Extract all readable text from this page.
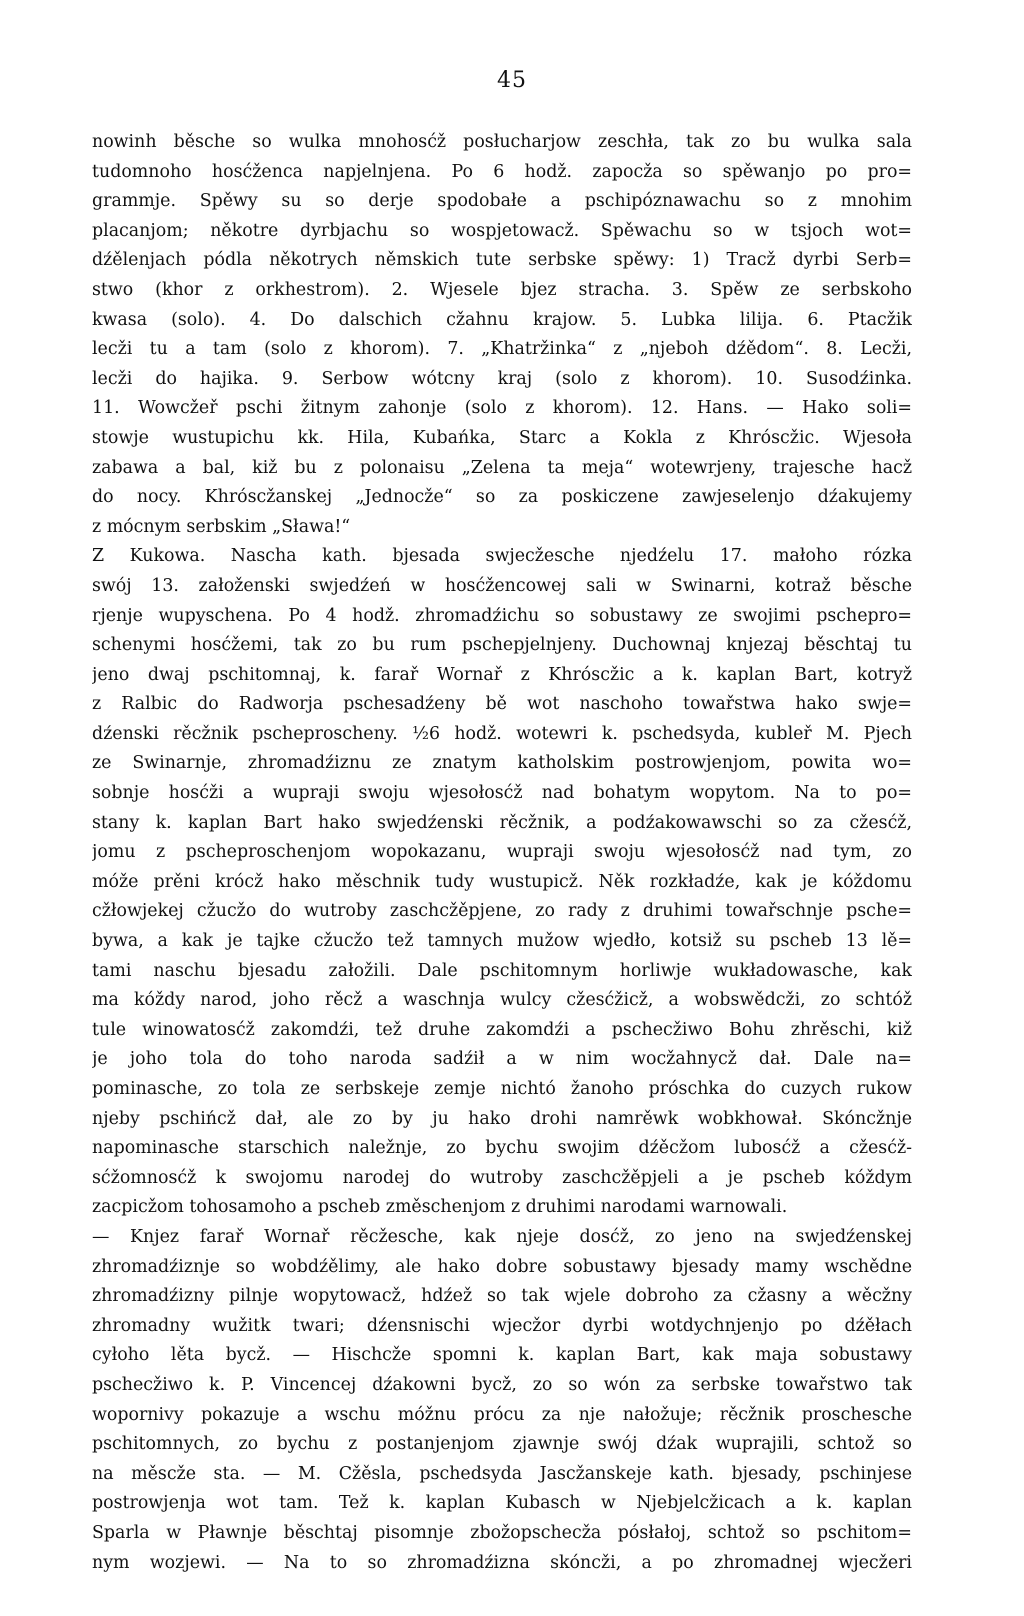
45
nowinh běsche so wulka mnohosćž posłucharjow zeschła, tak zo bu wulka sala
tudomnoho hosćženca napjelnjena. Po 6 hodž. zapocža so spěwanjo po pro=
grammje. Spěwy su so derje spodobałe a pschipóznawachu so z mnohim
placanjom; někotre dyrbjachu so wospjetowacž. Spěwachu so w tsjoch wot=
dźělenjach pódla někotrych němskich tute serbske spěwy: 1) Tracž dyrbi Serb=
stwo (khor z orkhestrom). 2. Wjesele bjez stracha. 3. Spěw ze serbskoho
kwasa (solo). 4. Do dalschich cžahnu krajow. 5. Lubka lilija. 6. Ptacžik
lecži tu a tam (solo z khorom). 7. „Khatržinka“ z „njeboh dźědom“. 8. Lecži,
lecži do hajika. 9. Serbow wótcny kraj (solo z khorom). 10. Susodźinka.
11. Wowcžeř pschi žitnym zahonje (solo z khorom). 12. Hans. — Hako soli=
stowje wustupichu kk. Hila, Kubańka, Starc a Kokla z Khróscžic. Wjesoła
zabawa a bal, kiž bu z polonaisu „Zelena ta meja“ wotewrjeny, trajesche hacž
do nocy. Khróscžanskej „Jednocže“ so za poskiczene zawjeselenjo dźakujemy
z mócnym serbskim „Sława!“
Z Kukowa. Nascha kath. bjesada swjecžesche njedźelu 17. małoho rózka
swój 13. załoženski swjedźeń w hosćžencowej sali w Swinarni, kotraž běsche
rjenje wupyschena. Po 4 hodž. zhromadźichu so sobustawy ze swojimi pschepro=
schenymi hosćžemi, tak zo bu rum pschepjelnjeny. Duchownaj knjezaj běschtaj tu
jeno dwaj pschitomnaj, k. farař Wornař z Khróscžic a k. kaplan Bart, kotryž
z Ralbic do Radworja pschesadźeny bě wot naschoho towařstwa hako swje=
dźenski rěcžnik pscheproscheny. ½6 hodž. wotewri k. pschedsyda, kubleř M. Pjech
ze Swinarnje, zhromadźiznu ze znatym katholskim postrowjenjom, powita wo=
sobnje hosćži a wupraji swoju wjesołosćž nad bohatym wopytom. Na to po=
stany k. kaplan Bart hako swjedźenski rěcžnik, a podźakowawschi so za cžesćž,
jomu z pscheproschenjom wopokazanu, wupraji swoju wjesołosćž nad tym, zo
móže prěni krócž hako měschnik tudy wustupicž. Něk rozkładźe, kak je kóždomu
cžłowjekej cžucžo do wutroby zaschcžěpjene, zo rady z druhimi towařschnje psche=
bywa, a kak je tajke cžucžo tež tamnych mužow wjedło, kotsiž su pscheb 13 lě=
tami naschu bjesadu załožili. Dale pschitomnym horliwje wukładowasche, kak
ma kóždy narod, joho rěcž a waschnja wulcy cžesćžicž, a wobswědcži, zo schtóž
tule winowatosćž zakomdźi, tež druhe zakomdźi a pschecžiwo Bohu zhrěschi, kiž
je joho tola do toho naroda sadźił a w nim wocžahnycž dał. Dale na=
pominasche, zo tola ze serbskeje zemje nichtó žanoho próschka do cuzych rukow
njeby pschińcž dał, ale zo by ju hako drohi namrěwk wobkhował. Skóncžnje
napominasche starschich naležnje, zo bychu swojim dźěcžom lubosćž a cžesćž-
sćžomnosćž k swojomu narodej do wutroby zaschcžěpjeli a je pscheb kóždym
zacpicžom tohosamoho a pscheb změschenjom z druhimi narodami warnowali.
— Knjez farař Wornař rěcžesche, kak njeje dosćž, zo jeno na swjedźenskej
zhromadźiznje so wobdźělimy, ale hako dobre sobustawy bjesady mamy wschědne
zhromadźizny pilnje wopytowacž, hdźež so tak wjele dobroho za cžasny a wěcžny
zhromadny wužitk twari; dźensnischi wjecžor dyrbi wotdychnjenjo po dźěłach
cyłoho lěta bycž. — Hischcže spomni k. kaplan Bart, kak maja sobustawy
pschecžiwo k. P. Vincencej dźakowni bycž, zo so wón za serbske towařstwo tak
wopornivy pokazuje a wschu móžnu prócu za nje nałožuje; rěcžnik proschesche
pschitomnych, zo bychu z postanjenjom zjawnje swój dźak wuprajili, schtož so
na měscže sta. — M. Cžěsla, pschedsyda Jascžanskeje kath. bjesady, pschinjese
postrowjenja wot tam. Tež k. kaplan Kubasch w Njebjelcžicach a k. kaplan
Sparla w Pławnje běschtaj pisomnje zbožopschecža pósłałoj, schtož so pschitom=
nym wozjewi. — Na to so zhromadźizna skóncži, a po zhromadnej wjecžeri
